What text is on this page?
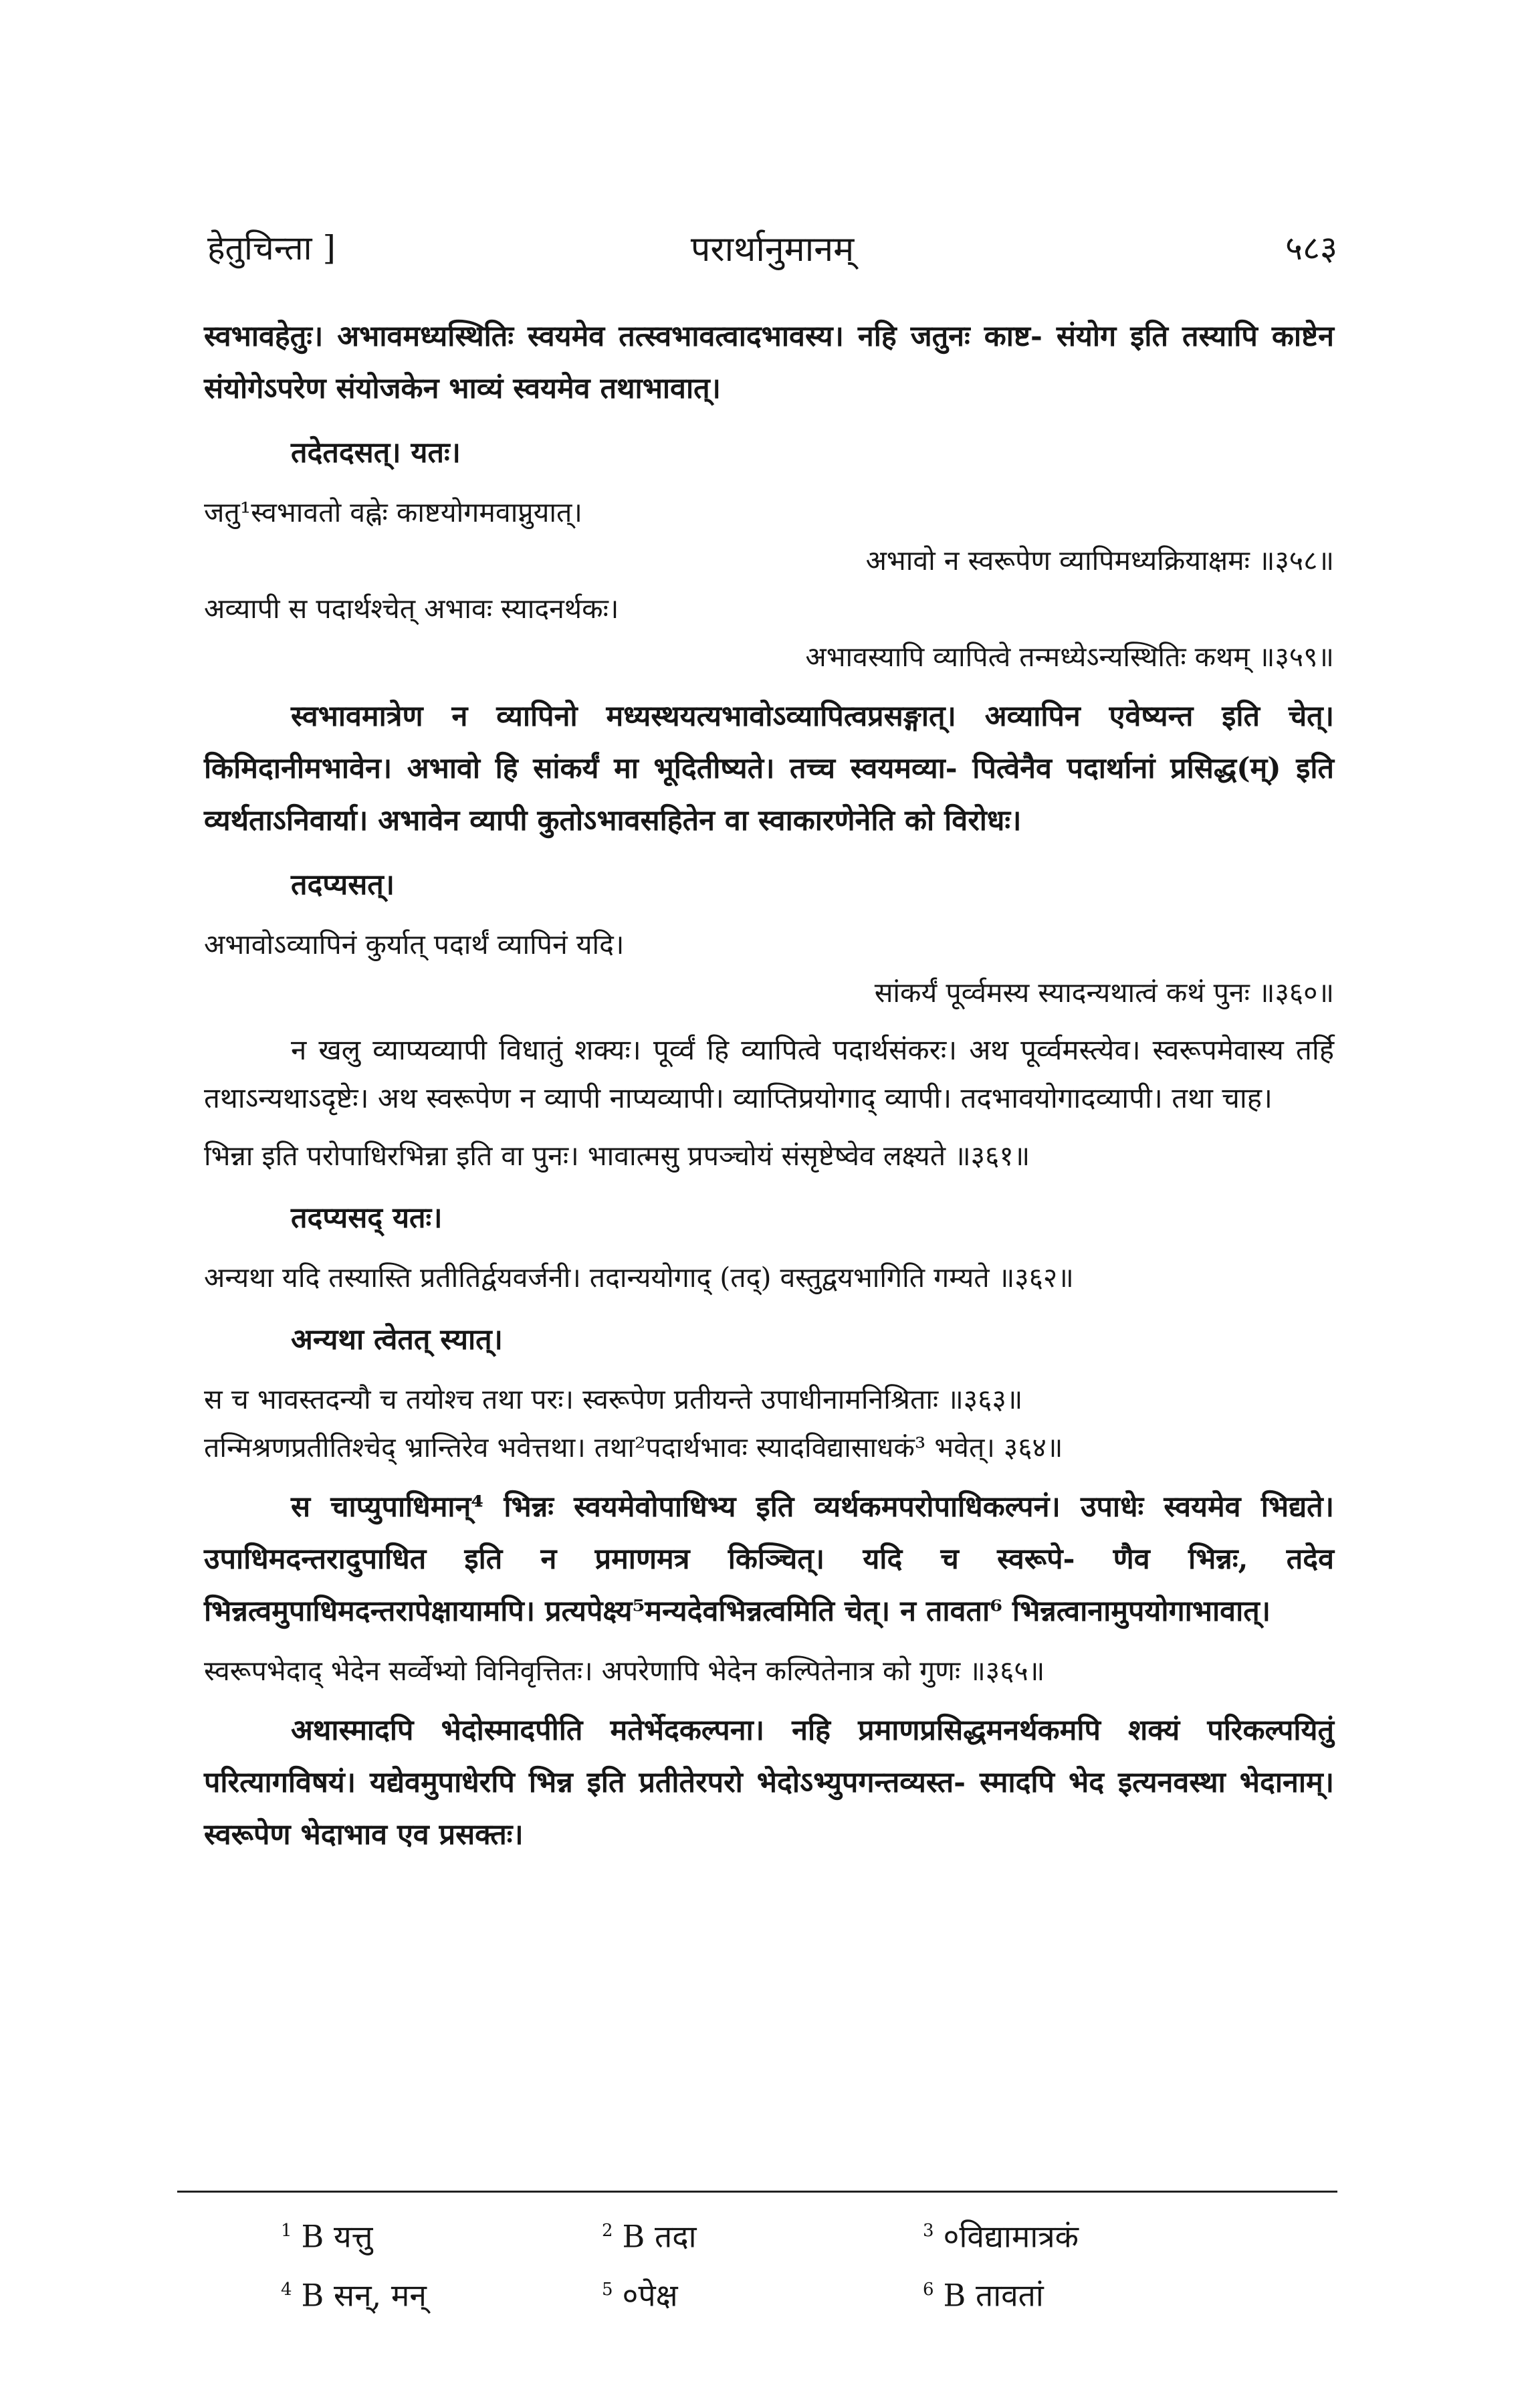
हेतुचिन्ता ]	परार्थानुमानम्	५८३

स्वभावहेतुः। अभावमध्यस्थितिः स्वयमेव तत्स्वभावत्वादभावस्य। नहि जतुनः काष्ट- संयोग इति तस्यापि काष्टेन संयोगेऽपरेण संयोजकेन भाव्यं स्वयमेव तथाभावात्।

तदेतदसत्। यतः।
जतु¹स्वभावतो वह्नेः काष्टयोगमवाप्नुयात्।
अभावो न स्वरूपेण व्यापिमध्यक्रियाक्षमः ॥३५८॥
अव्यापी स पदार्थश्चेत् अभावः स्यादनर्थकः।
अभावस्यापि व्यापित्वे तन्मध्येऽन्यस्थितिः कथम् ॥३५९॥

स्वभावमात्रेण न व्यापिनो मध्यस्थयत्यभावोऽव्यापित्वप्रसङ्गात्। अव्यापिन एवेष्यन्त इति चेत्। किमिदानीमभावेन। अभावो हि सांकर्यं मा भूदितीष्यते। तच्च स्वयमव्या- पित्वेनैव पदार्थानां प्रसिद्ध(म्) इति व्यर्थताऽनिवार्या। अभावेन व्यापी कुतोऽभावसहितेन वा स्वाकारणेनेति को विरोधः।

तदप्यसत्।
अभावोऽव्यापिनं कुर्यात् पदार्थं व्यापिनं यदि।
सांकर्यं पूर्व्वमस्य स्यादन्यथात्वं कथं पुनः ॥३६०॥

न खलु व्याप्यव्यापी विधातुं शक्यः। पूर्व्वं हि व्यापित्वे पदार्थसंकरः। अथ पूर्व्वमस्त्येव। स्वरूपमेवास्य तर्हि तथाऽन्यथाऽदृष्टेः। अथ स्वरूपेण न व्यापी नाप्यव्यापी। व्याप्तिप्रयोगाद् व्यापी। तदभावयोगादव्यापी। तथा चाह।

भिन्ना इति परोपाधिरभिन्ना इति वा पुनः। भावात्मसु प्रपञ्चोयं संसृष्टेष्वेव लक्ष्यते ॥३६१॥
तदप्यसद् यतः।
अन्यथा यदि तस्यास्ति प्रतीतिर्द्वयवर्जनी। तदान्ययोगाद् (तद्) वस्तुद्वयभागिति गम्यते ॥३६२॥
अन्यथा त्वेतत् स्यात्।
स च भावस्तदन्यौ च तयोश्च तथा परः। स्वरूपेण प्रतीयन्ते उपाधीनामनिश्रिताः ॥३६३॥
तन्मिश्रणप्रतीतिश्चेद् भ्रान्तिरेव भवेत्तथा। तथा²पदार्थभावः स्यादविद्यासाधकं³ भवेत्। ३६४॥

स चाप्युपाधिमान्⁴ भिन्नः स्वयमेवोपाधिभ्य इति व्यर्थकमपरोपाधिकल्पनं। उपाधेः स्वयमेव भिद्यते। उपाधिमदन्तरादुपाधित इति न प्रमाणमत्र किञ्चित्। यदि च स्वरूपे- णैव भिन्नः, तदेव भिन्नत्वमुपाधिमदन्तरापेक्षायामपि। प्रत्यपेक्ष्य⁵मन्यदेवभिन्नत्वमिति चेत्। न तावता⁶ भिन्नत्वानामुपयोगाभावात्।

स्वरूपभेदाद् भेदेन सर्व्वेभ्यो विनिवृत्तितः। अपरेणापि भेदेन कल्पितेनात्र को गुणः ॥३६५॥

अथास्मादपि भेदोस्मादपीति मतेर्भेदकल्पना। नहि प्रमाणप्रसिद्धमनर्थकमपि शक्यं परिकल्पयितुं परित्यागविषयं। यद्येवमुपाधेरपि भिन्न इति प्रतीतेरपरो भेदोऽभ्युपगन्तव्यस्त- स्मादपि भेद इत्यनवस्था भेदानाम्। स्वरूपेण भेदाभाव एव प्रसक्तः।

$^1$ B यत्तु	$^2$ B तदा	$^3$ ०विद्यामात्रकं
$^4$ B सन्, मन्	$^5$ ०पेक्ष	$^6$ B तावतां
